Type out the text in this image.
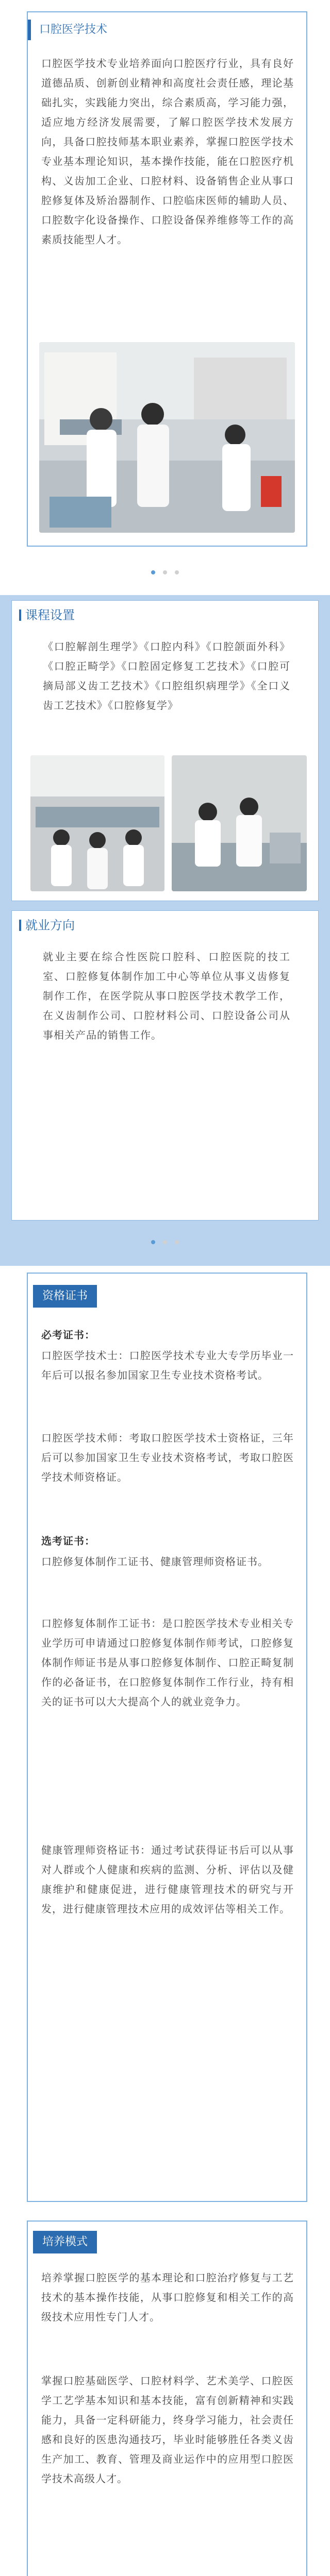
口腔医学技术
口腔医学技术专业培养面向口腔医疗行业，具有良好道德品质、创新创业精神和高度社会责任感，理论基础扎实，实践能力突出，综合素质高，学习能力强，适应地方经济发展需要，了解口腔医学技术发展方向，具备口腔技师基本职业素养，掌握口腔医学技术专业基本理论知识，基本操作技能，能在口腔医疗机构、义齿加工企业、口腔材料、设备销售企业从事口腔修复体及矫治器制作、口腔临床医师的辅助人员、口腔数字化设备操作、口腔设备保养维修等工作的高素质技能型人才。

课程设置
《口腔解剖生理学》《口腔内科》《口腔颌面外科》《口腔正畸学》《口腔固定修复工艺技术》《口腔可摘局部义齿工艺技术》《口腔组织病理学》《全口义齿工艺技术》《口腔修复学》
就业方向
就业主要在综合性医院口腔科、口腔医院的技工室、口腔修复体制作加工中心等单位从事义齿修复制作工作，在医学院从事口腔医学技术教学工作，在义齿制作公司、口腔材料公司、口腔设备公司从事相关产品的销售工作。

资格证书
必考证书：
口腔医学技术士：口腔医学技术专业大专学历毕业一年后可以报名参加国家卫生专业技术资格考试。
口腔医学技术师：考取口腔医学技术士资格证，三年后可以参加国家卫生专业技术资格考试，考取口腔医学技术师资格证。
选考证书：
口腔修复体制作工证书、健康管理师资格证书。
口腔修复体制作工证书：是口腔医学技术专业相关专业学历可申请通过口腔修复体制作师考试，口腔修复体制作师证书是从事口腔修复体制作、口腔正畸复制作的必备证书，在口腔修复体制作工作行业，持有相关的证书可以大大提高个人的就业竞争力。
健康管理师资格证书：通过考试获得证书后可以从事对人群或个人健康和疾病的监测、分析、评估以及健康维护和健康促进，进行健康管理技术的研究与开发，进行健康管理技术应用的成效评估等相关工作。
培养模式
培养掌握口腔医学的基本理论和口腔治疗修复与工艺技术的基本操作技能，从事口腔修复和相关工作的高级技术应用性专门人才。
掌握口腔基础医学、口腔材料学、艺术美学、口腔医学工艺学基本知识和基本技能，富有创新精神和实践能力，具备一定科研能力，终身学习能力，社会责任感和良好的医患沟通技巧，毕业时能够胜任各类义齿生产加工、教育、管理及商业运作中的应用型口腔医学技术高级人才。
